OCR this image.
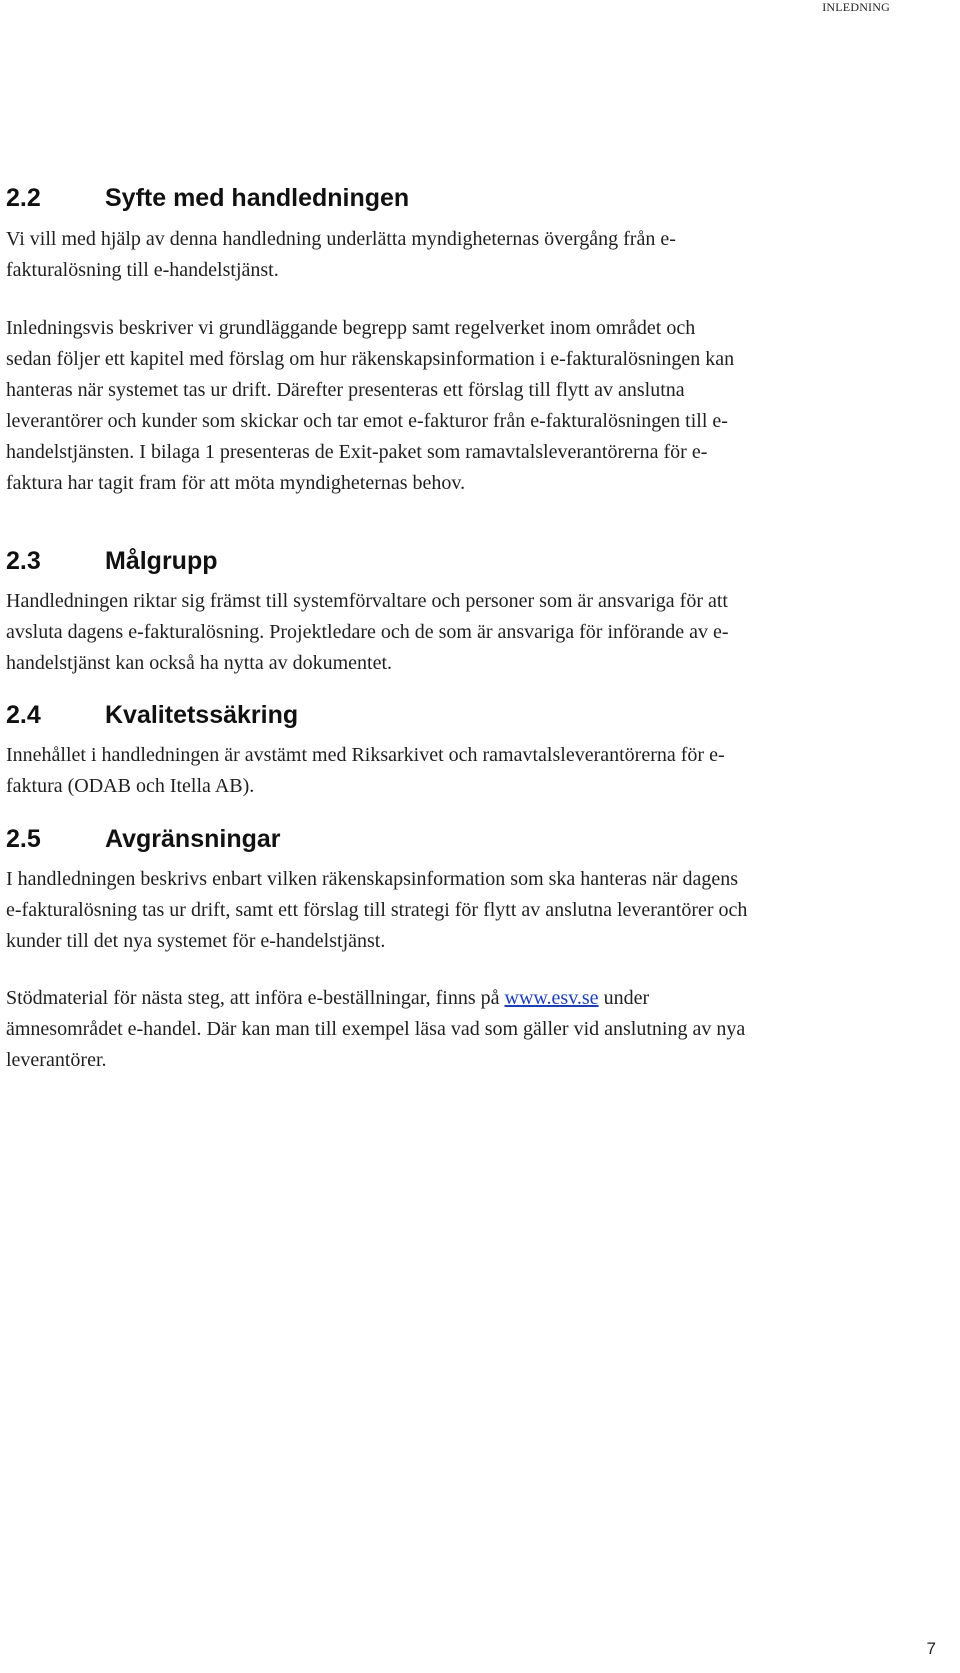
INLEDNING
2.2	Syfte med handledningen

Vi vill med hjälp av denna handledning underlätta myndigheternas övergång från e-fakturalösning till e-handelstjänst.

Inledningsvis beskriver vi grundläggande begrepp samt regelverket inom området och sedan följer ett kapitel med förslag om hur räkenskapsinformation i e-fakturalösningen kan hanteras när systemet tas ur drift. Därefter presenteras ett förslag till flytt av anslutna leverantörer och kunder som skickar och tar emot e-fakturor från e-fakturalösningen till e-handelstjänsten. I bilaga 1 presenteras de Exit-paket som ramavtalsleverantörerna för e-faktura har tagit fram för att möta myndigheternas behov.

2.3	Målgrupp

Handledningen riktar sig främst till systemförvaltare och personer som är ansvariga för att avsluta dagens e-fakturalösning. Projektledare och de som är ansvariga för införande av e-handelstjänst kan också ha nytta av dokumentet.

2.4	Kvalitetssäkring

Innehållet i handledningen är avstämt med Riksarkivet och ramavtalsleverantörerna för e-faktura (ODAB och Itella AB).

2.5	Avgränsningar

I handledningen beskrivs enbart vilken räkenskapsinformation som ska hanteras när dagens e-fakturalösning tas ur drift, samt ett förslag till strategi för flytt av anslutna leverantörer och kunder till det nya systemet för e-handelstjänst.

Stödmaterial för nästa steg, att införa e-beställningar, finns på www.esv.se under ämnesområdet e-handel. Där kan man till exempel läsa vad som gäller vid anslutning av nya leverantörer.

7
